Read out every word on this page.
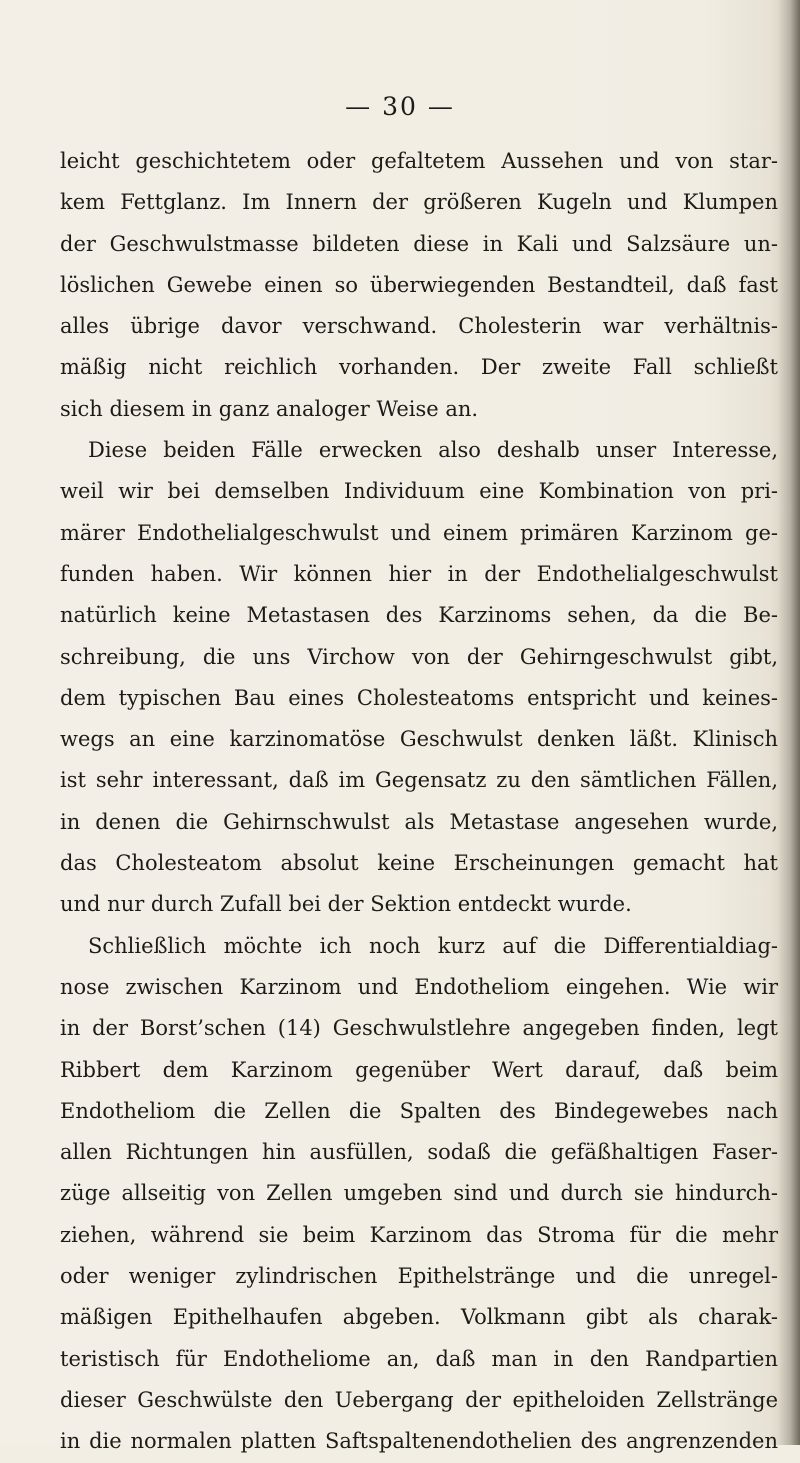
— 30 —
leicht geschichtetem oder gefaltetem Aussehen und von star-
kem Fettglanz. Im Innern der größeren Kugeln und Klumpen
der Geschwulstmasse bildeten diese in Kali und Salzsäure un-
löslichen Gewebe einen so überwiegenden Bestandteil, daß fast
alles übrige davor verschwand. Cholesterin war verhältnis-
mäßig nicht reichlich vorhanden. Der zweite Fall schließt
sich diesem in ganz analoger Weise an.
Diese beiden Fälle erwecken also deshalb unser Interesse,
weil wir bei demselben Individuum eine Kombination von pri-
märer Endothelialgeschwulst und einem primären Karzinom ge-
funden haben. Wir können hier in der Endothelialgeschwulst
natürlich keine Metastasen des Karzinoms sehen, da die Be-
schreibung, die uns Virchow von der Gehirngeschwulst gibt,
dem typischen Bau eines Cholesteatoms entspricht und keines-
wegs an eine karzinomatöse Geschwulst denken läßt. Klinisch
ist sehr interessant, daß im Gegensatz zu den sämtlichen Fällen,
in denen die Gehirnschwulst als Metastase angesehen wurde,
das Cholesteatom absolut keine Erscheinungen gemacht hat
und nur durch Zufall bei der Sektion entdeckt wurde.
Schließlich möchte ich noch kurz auf die Differentialdiag-
nose zwischen Karzinom und Endotheliom eingehen. Wie wir
in der Borst’schen (14) Geschwulstlehre angegeben finden, legt
Ribbert dem Karzinom gegenüber Wert darauf, daß beim
Endotheliom die Zellen die Spalten des Bindegewebes nach
allen Richtungen hin ausfüllen, sodaß die gefäßhaltigen Faser-
züge allseitig von Zellen umgeben sind und durch sie hindurch-
ziehen, während sie beim Karzinom das Stroma für die mehr
oder weniger zylindrischen Epithelstränge und die unregel-
mäßigen Epithelhaufen abgeben. Volkmann gibt als charak-
teristisch für Endotheliome an, daß man in den Randpartien
dieser Geschwülste den Uebergang der epitheloiden Zellstränge
in die normalen platten Saftspaltenendothelien des angrenzenden
